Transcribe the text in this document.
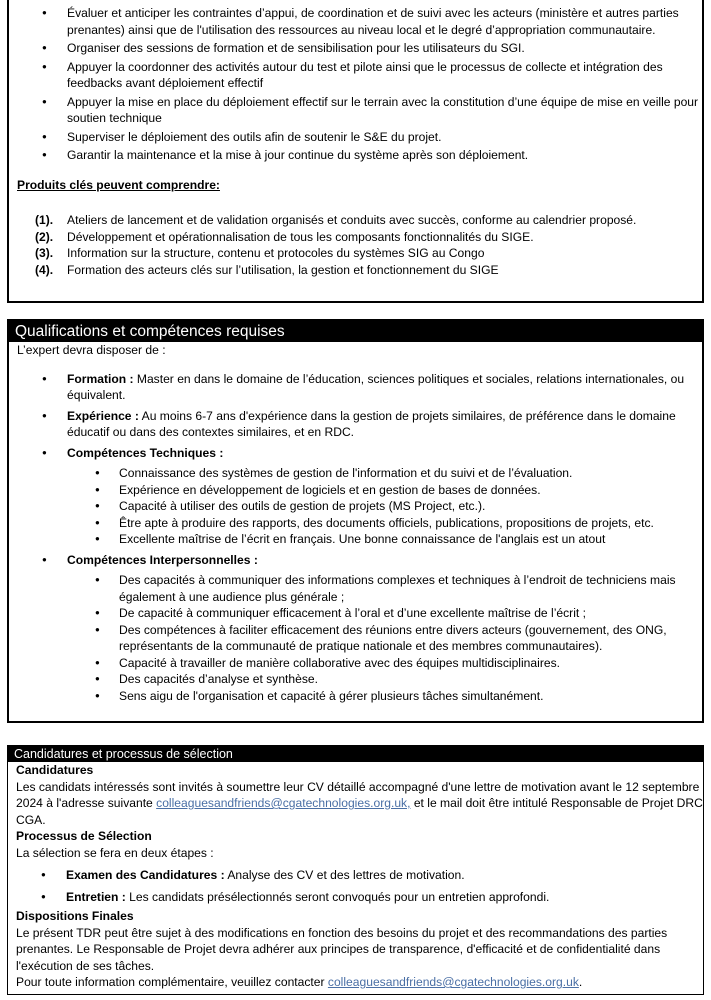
● Évaluer et anticiper les contraintes d’appui, de coordination et de suivi avec les acteurs (ministère et autres parties prenantes) ainsi que de l'utilisation des ressources au niveau local et le degré d’appropriation communautaire.
● Organiser des sessions de formation et de sensibilisation pour les utilisateurs du SGI.
● Appuyer la coordonner des activités autour du test et pilote ainsi que le processus de collecte et intégration des feedbacks avant déploiement effectif
● Appuyer la mise en place du déploiement effectif sur le terrain avec la constitution d’une équipe de mise en veille pour soutien technique
● Superviser le déploiement des outils afin de soutenir le S&E du projet.
● Garantir la maintenance et la mise à jour continue du système après son déploiement.
Produits clés peuvent comprendre:
(1). Ateliers de lancement et de validation organisés et conduits avec succès, conforme au calendrier proposé.
(2). Développement et opérationnalisation de tous les composants fonctionnalités du SIGE.
(3). Information sur la structure, contenu et protocoles du systèmes SIG au Congo
(4). Formation des acteurs clés sur l’utilisation, la gestion et fonctionnement du SIGE
Qualifications et compétences requises
L’expert devra disposer de :
● Formation : Master en dans le domaine de l’éducation, sciences politiques et sociales, relations internationales, ou équivalent.
● Expérience : Au moins 6-7 ans d'expérience dans la gestion de projets similaires, de préférence dans le domaine éducatif ou dans des contextes similaires, et en RDC.
● Compétences Techniques :
● Connaissance des systèmes de gestion de l'information et du suivi et de l’évaluation.
● Expérience en développement de logiciels et en gestion de bases de données.
● Capacité à utiliser des outils de gestion de projets (MS Project, etc.).
● Être apte à produire des rapports, des documents officiels, publications, propositions de projets, etc.
● Excellente maîtrise de l’écrit en français. Une bonne connaissance de l'anglais est un atout
● Compétences Interpersonnelles :
● Des capacités à communiquer des informations complexes et techniques à l’endroit de techniciens mais également à une audience plus générale ;
● De capacité à communiquer efficacement à l’oral et d’une excellente maîtrise de l’écrit ;
● Des compétences à faciliter efficacement des réunions entre divers acteurs (gouvernement, des ONG, représentants de la communauté de pratique nationale et des membres communautaires).
● Capacité à travailler de manière collaborative avec des équipes multidisciplinaires.
● Des capacités d’analyse et synthèse.
● Sens aigu de l'organisation et capacité à gérer plusieurs tâches simultanément.
Candidatures et processus de sélection
Candidatures
Les candidats intéressés sont invités à soumettre leur CV détaillé accompagné d'une lettre de motivation avant le 12 septembre 2024 à l'adresse suivante colleaguesandfriends@cgatechnologies.org.uk, et le mail doit être intitulé Responsable de Projet DRC CGA.
Processus de Sélection
La sélection se fera en deux étapes :
● Examen des Candidatures : Analyse des CV et des lettres de motivation.
● Entretien : Les candidats présélectionnés seront convoqués pour un entretien approfondi.
Dispositions Finales
Le présent TDR peut être sujet à des modifications en fonction des besoins du projet et des recommandations des parties prenantes. Le Responsable de Projet devra adhérer aux principes de transparence, d'efficacité et de confidentialité dans l'exécution de ses tâches.
Pour toute information complémentaire, veuillez contacter colleaguesandfriends@cgatechnologies.org.uk.
